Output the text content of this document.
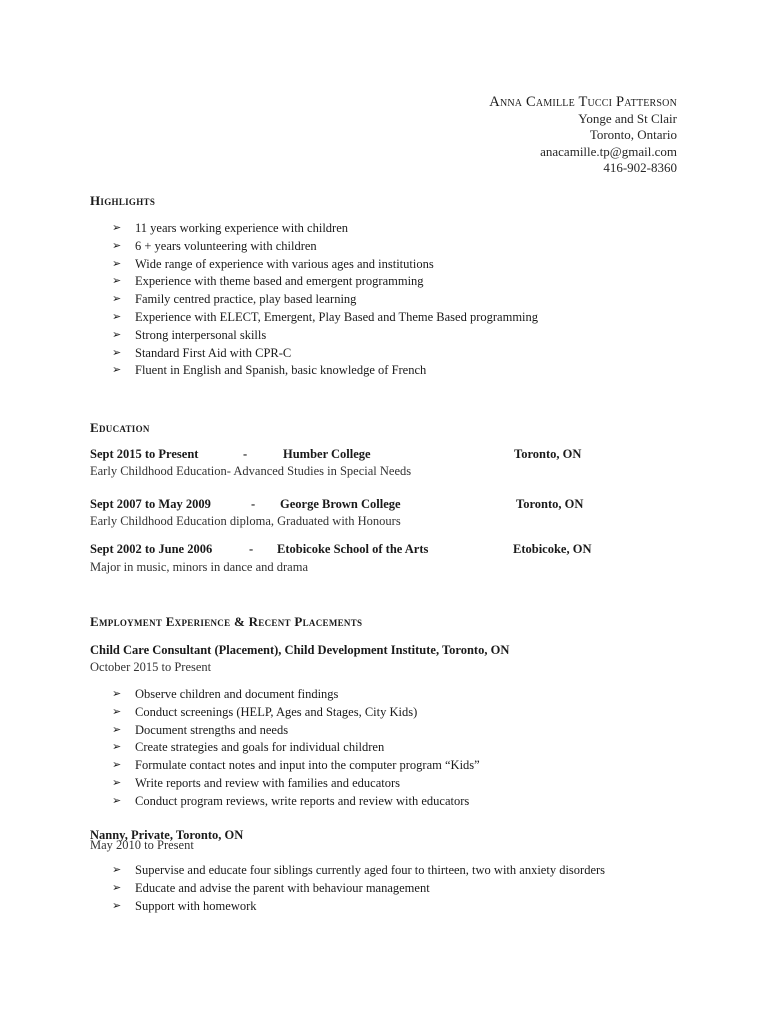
Anna Camille Tucci Patterson
Yonge and St Clair
Toronto, Ontario
anacamille.tp@gmail.com
416-902-8360
Highlights
➢ 11 years working experience with children
➢ 6 + years volunteering with children
➢ Wide range of experience with various ages and institutions
➢ Experience with theme based and emergent programming
➢ Family centred practice, play based learning
➢ Experience with ELECT, Emergent, Play Based and Theme Based programming
➢ Strong interpersonal skills
➢ Standard First Aid with CPR-C
➢ Fluent in English and Spanish, basic knowledge of French
Education
Sept 2015 to Present	-	Humber College	Toronto, ON
Early Childhood Education- Advanced Studies in Special Needs
Sept 2007 to May 2009	- George Brown College	Toronto, ON
Early Childhood Education diploma, Graduated with Honours
Sept 2002 to June 2006	- Etobicoke School of the Arts	Etobicoke, ON
Major in music, minors in dance and drama
Employment Experience & Recent Placements
Child Care Consultant (Placement), Child Development Institute, Toronto, ON
October 2015 to Present
➢ Observe children and document findings
➢ Conduct screenings (HELP, Ages and Stages, City Kids)
➢ Document strengths and needs
➢ Create strategies and goals for individual children
➢ Formulate contact notes and input into the computer program “Kids”
➢ Write reports and review with families and educators
➢ Conduct program reviews, write reports and review with educators
Nanny, Private, Toronto, ON
May 2010 to Present
➢ Supervise and educate four siblings currently aged four to thirteen, two with anxiety disorders
➢ Educate and advise the parent with behaviour management
➢ Support with homework
